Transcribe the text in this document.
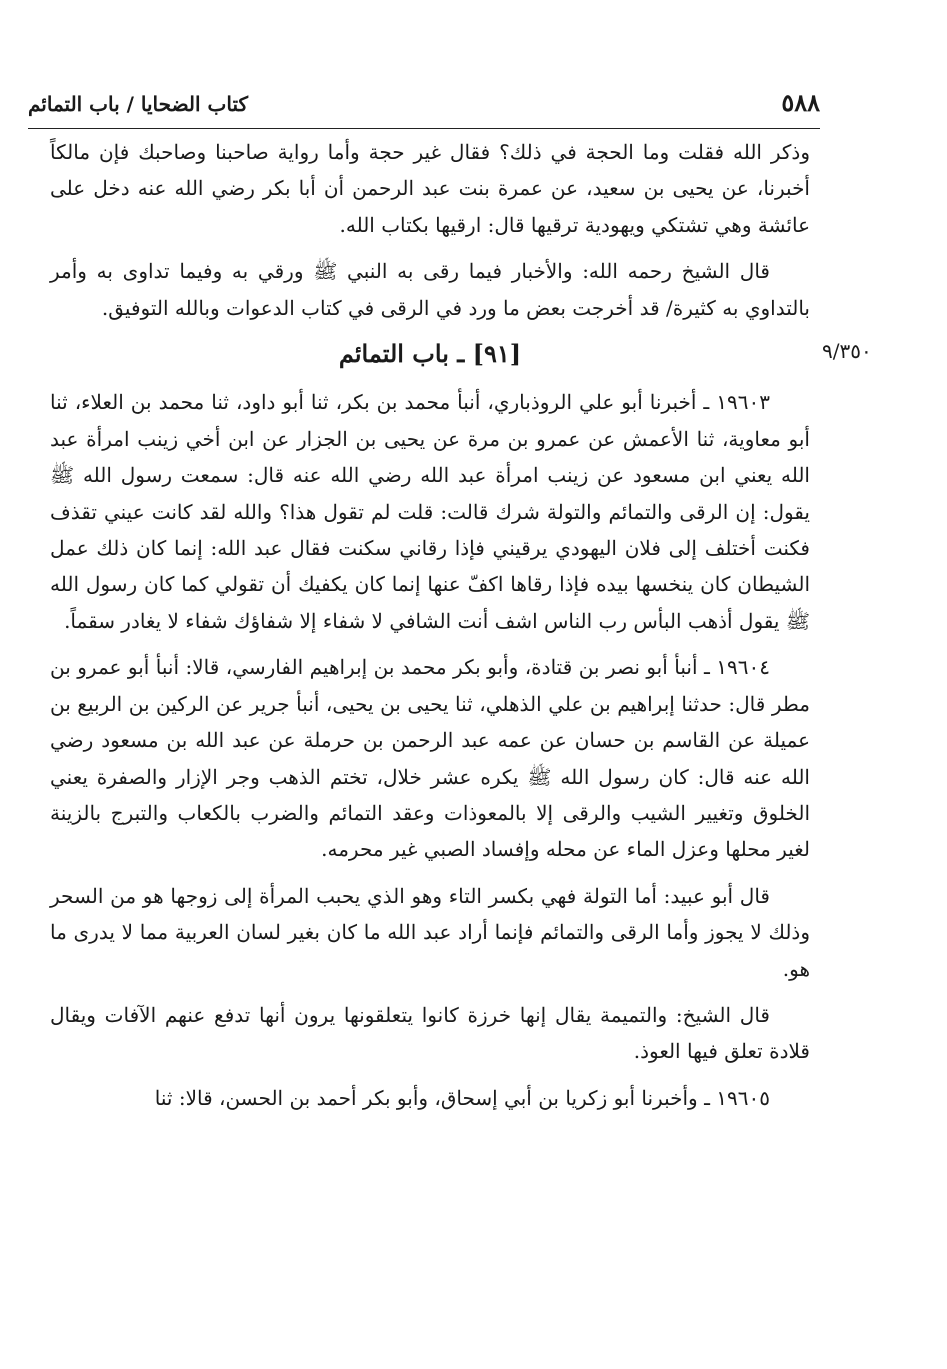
٥٨٨
كتاب الضحايا / باب التمائم
٩/٣٥٠

وذكر الله فقلت وما الحجة في ذلك؟ فقال غير حجة وأما رواية صاحبنا وصاحبك فإن مالكاً أخبرنا، عن يحيى بن سعيد، عن عمرة بنت عبد الرحمن أن أبا بكر رضي الله عنه دخل على عائشة وهي تشتكي ويهودية ترقيها قال: ارقيها بكتاب الله.

قال الشيخ رحمه الله: والأخبار فيما رقى به النبي ﷺ ورقي به وفيما تداوى به وأمر بالتداوي به كثيرة/ قد أخرجت بعض ما ورد في الرقى في كتاب الدعوات وبالله التوفيق.

[٩١] ـ باب التمائم

١٩٦٠٣ ـ أخبرنا أبو علي الروذباري، أنبأ محمد بن بكر، ثنا أبو داود، ثنا محمد بن العلاء، ثنا أبو معاوية، ثنا الأعمش عن عمرو بن مرة عن يحيى بن الجزار عن ابن أخي زينب امرأة عبد الله يعني ابن مسعود عن زينب امرأة عبد الله رضي الله عنه قال: سمعت رسول الله ﷺ يقول: إن الرقى والتمائم والتولة شرك قالت: قلت لم تقول هذا؟ والله لقد كانت عيني تقذف فكنت أختلف إلى فلان اليهودي يرقيني فإذا رقاني سكنت فقال عبد الله: إنما كان ذلك عمل الشيطان كان ينخسها بيده فإذا رقاها اكفّ عنها إنما كان يكفيك أن تقولي كما كان رسول الله ﷺ يقول أذهب البأس رب الناس اشف أنت الشافي لا شفاء إلا شفاؤك شفاء لا يغادر سقماً.

١٩٦٠٤ ـ أنبأ أبو نصر بن قتادة، وأبو بكر محمد بن إبراهيم الفارسي، قالا: أنبأ أبو عمرو بن مطر قال: حدثنا إبراهيم بن علي الذهلي، ثنا يحيى بن يحيى، أنبأ جرير عن الركين بن الربيع بن عميلة عن القاسم بن حسان عن عمه عبد الرحمن بن حرملة عن عبد الله بن مسعود رضي الله عنه قال: كان رسول الله ﷺ يكره عشر خلال، تختم الذهب وجر الإزار والصفرة يعني الخلوق وتغيير الشيب والرقى إلا بالمعوذات وعقد التمائم والضرب بالكعاب والتبرج بالزينة لغير محلها وعزل الماء عن محله وإفساد الصبي غير محرمه.

قال أبو عبيد: أما التولة فهي بكسر التاء وهو الذي يحبب المرأة إلى زوجها هو من السحر وذلك لا يجوز وأما الرقى والتمائم فإنما أراد عبد الله ما كان بغير لسان العربية مما لا يدرى ما هو.

قال الشيخ: والتميمة يقال إنها خرزة كانوا يتعلقونها يرون أنها تدفع عنهم الآفات ويقال قلادة تعلق فيها العوذ.

١٩٦٠٥ ـ وأخبرنا أبو زكريا بن أبي إسحاق، وأبو بكر أحمد بن الحسن، قالا: ثنا
